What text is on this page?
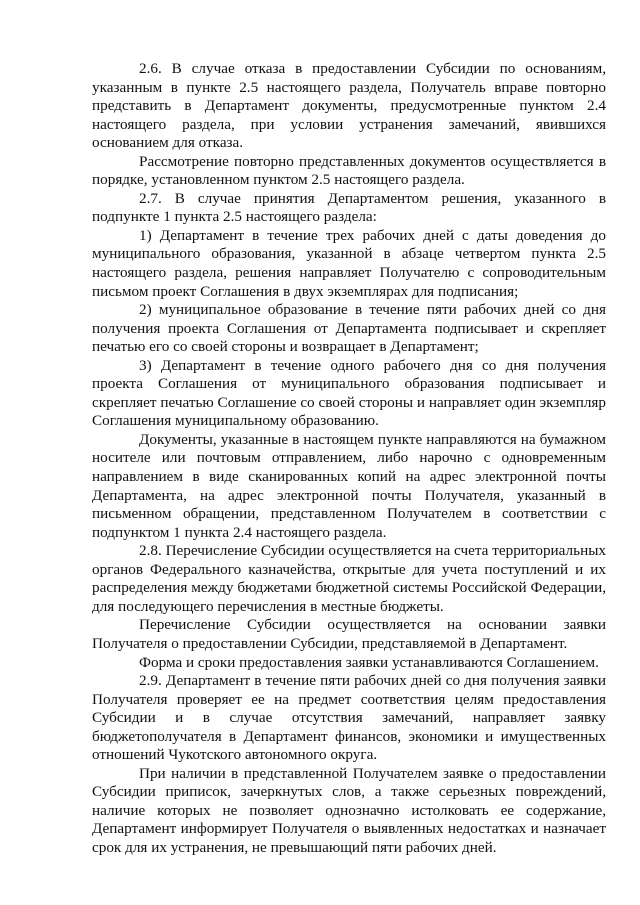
2.6. В случае отказа в предоставлении Субсидии по основаниям, указанным в пункте 2.5 настоящего раздела, Получатель вправе повторно представить в Департамент документы, предусмотренные пунктом 2.4 настоящего раздела, при условии устранения замечаний, явившихся основанием для отказа.

Рассмотрение повторно представленных документов осуществляется в порядке, установленном пунктом 2.5 настоящего раздела.

2.7. В случае принятия Департаментом решения, указанного в подпункте 1 пункта 2.5 настоящего раздела:

1) Департамент в течение трех рабочих дней с даты доведения до муниципального образования, указанной в абзаце четвертом пункта 2.5 настоящего раздела, решения направляет Получателю с сопроводительным письмом проект Соглашения в двух экземплярах для подписания;

2) муниципальное образование в течение пяти рабочих дней со дня получения проекта Соглашения от Департамента подписывает и скрепляет печатью его со своей стороны и возвращает в Департамент;

3) Департамент в течение одного рабочего дня со дня получения проекта Соглашения от муниципального образования подписывает и скрепляет печатью Соглашение со своей стороны и направляет один экземпляр Соглашения муниципальному образованию.

Документы, указанные в настоящем пункте направляются на бумажном носителе или почтовым отправлением, либо нарочно с одновременным направлением в виде сканированных копий на адрес электронной почты Департамента, на адрес электронной почты Получателя, указанный в письменном обращении, представленном Получателем в соответствии с подпунктом 1 пункта 2.4 настоящего раздела.

2.8. Перечисление Субсидии осуществляется на счета территориальных органов Федерального казначейства, открытые для учета поступлений и их распределения между бюджетами бюджетной системы Российской Федерации, для последующего перечисления в местные бюджеты.

Перечисление Субсидии осуществляется на основании заявки Получателя о предоставлении Субсидии, представляемой в Департамент.

Форма и сроки предоставления заявки устанавливаются Соглашением.

2.9. Департамент в течение пяти рабочих дней со дня получения заявки Получателя проверяет ее на предмет соответствия целям предоставления Субсидии и в случае отсутствия замечаний, направляет заявку бюджетополучателя в Департамент финансов, экономики и имущественных отношений Чукотского автономного округа.

При наличии в представленной Получателем заявке о предоставлении Субсидии приписок, зачеркнутых слов, а также серьезных повреждений, наличие которых не позволяет однозначно истолковать ее содержание, Департамент информирует Получателя о выявленных недостатках и назначает срок для их устранения, не превышающий пяти рабочих дней.
